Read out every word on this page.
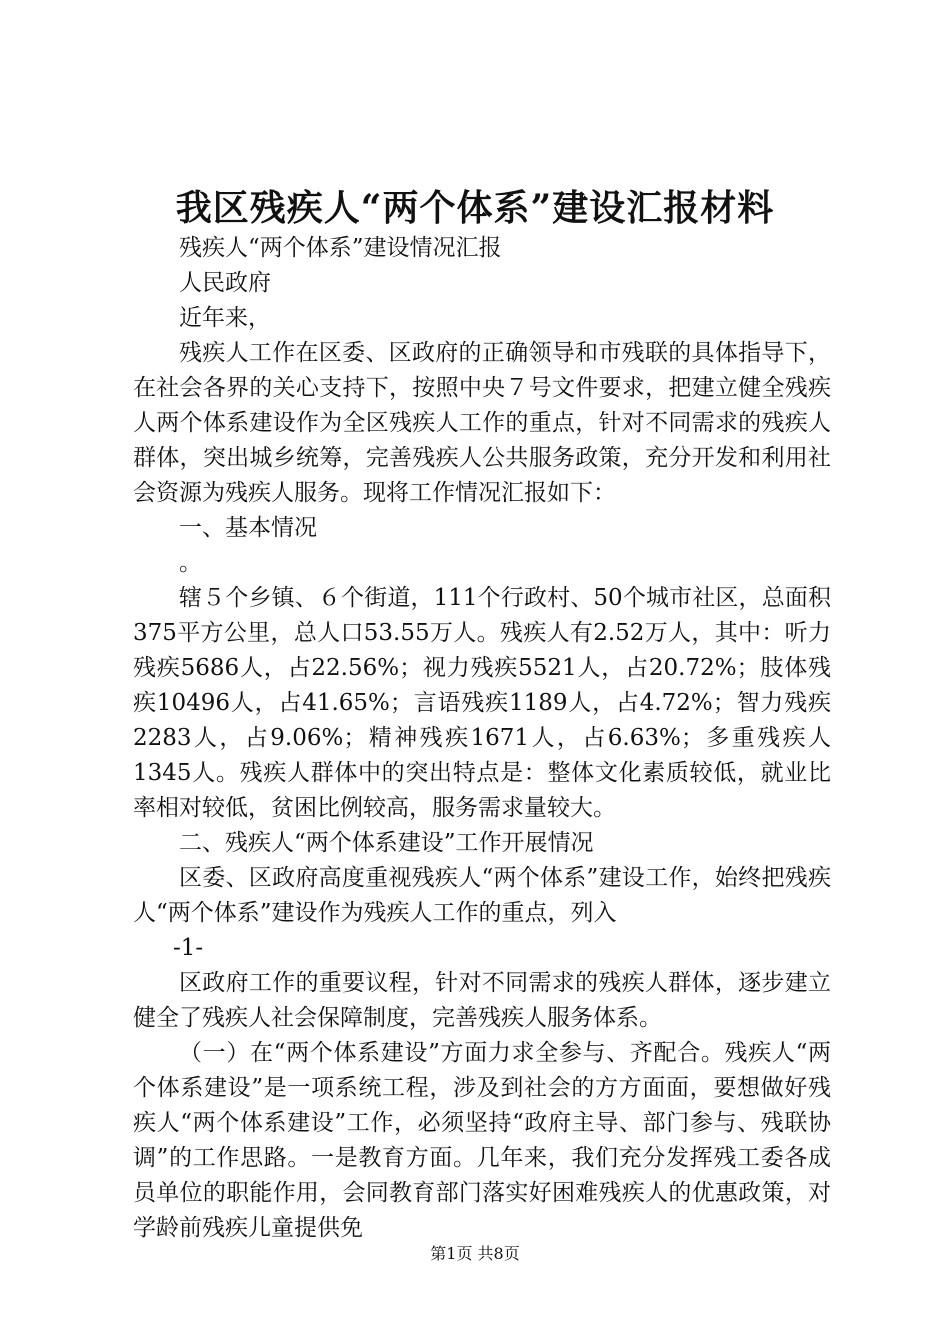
我区残疾人“两个体系”建设汇报材料

残疾人“两个体系”建设情况汇报

人民政府

近年来，

残疾人工作在区委、区政府的正确领导和市残联的具体指导下，在社会各界的关心支持下，按照中央７号文件要求，把建立健全残疾人两个体系建设作为全区残疾人工作的重点，针对不同需求的残疾人群体，突出城乡统筹，完善残疾人公共服务政策，充分开发和利用社会资源为残疾人服务。现将工作情况汇报如下：

一、基本情况

。

辖５个乡镇、６个街道，111个行政村、50个城市社区，总面积375平方公里，总人口53.55万人。残疾人有2.52万人，其中：听力残疾5686人，占22.56%；视力残疾5521人，占20.72%；肢体残疾10496人，占41.65%；言语残疾1189人，占4.72%；智力残疾2283人，占9.06%；精神残疾1671人，占6.63%；多重残疾人1345人。残疾人群体中的突出特点是：整体文化素质较低，就业比率相对较低，贫困比例较高，服务需求量较大。

二、残疾人“两个体系建设”工作开展情况

区委、区政府高度重视残疾人“两个体系”建设工作，始终把残疾人“两个体系”建设作为残疾人工作的重点，列入

-1-

区政府工作的重要议程，针对不同需求的残疾人群体，逐步建立健全了残疾人社会保障制度，完善残疾人服务体系。

（一）在“两个体系建设”方面力求全参与、齐配合。残疾人“两个体系建设”是一项系统工程，涉及到社会的方方面面，要想做好残疾人“两个体系建设”工作，必须坚持“政府主导、部门参与、残联协调”的工作思路。一是教育方面。几年来，我们充分发挥残工委各成员单位的职能作用，会同教育部门落实好困难残疾人的优惠政策，对学龄前残疾儿童提供免

第1页 共8页
